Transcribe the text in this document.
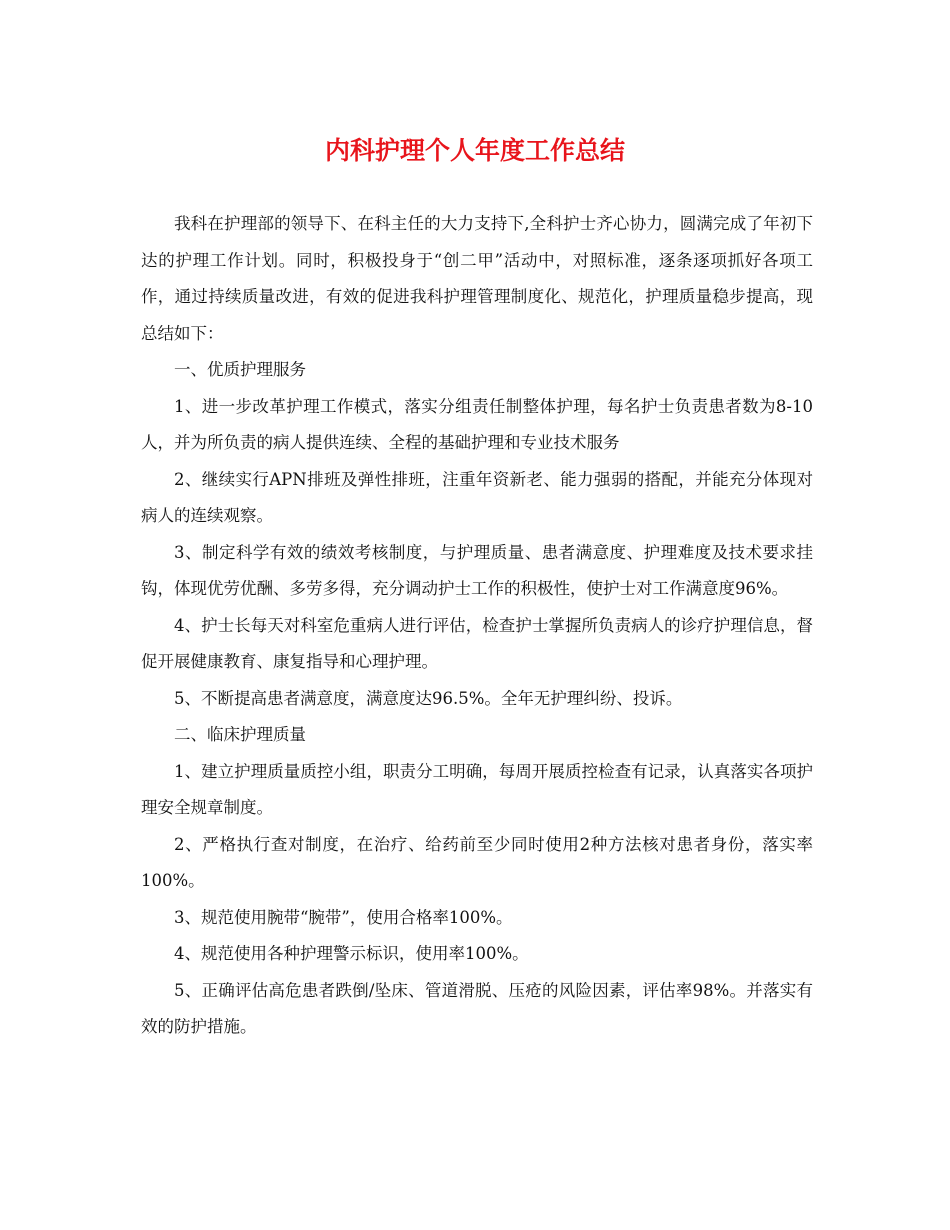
内科护理个人年度工作总结

我科在护理部的领导下、在科主任的大力支持下,全科护士齐心协力，圆满完成了年初下达的护理工作计划。同时，积极投身于“创二甲”活动中，对照标准，逐条逐项抓好各项工作，通过持续质量改进，有效的促进我科护理管理制度化、规范化，护理质量稳步提高，现总结如下：

一、优质护理服务

1、进一步改革护理工作模式，落实分组责任制整体护理，每名护士负责患者数为8-10人，并为所负责的病人提供连续、全程的基础护理和专业技术服务

2、继续实行APN排班及弹性排班，注重年资新老、能力强弱的搭配，并能充分体现对病人的连续观察。

3、制定科学有效的绩效考核制度，与护理质量、患者满意度、护理难度及技术要求挂钩，体现优劳优酬、多劳多得，充分调动护士工作的积极性，使护士对工作满意度96%。

4、护士长每天对科室危重病人进行评估，检查护士掌握所负责病人的诊疗护理信息，督促开展健康教育、康复指导和心理护理。

5、不断提高患者满意度，满意度达96.5%。全年无护理纠纷、投诉。

二、临床护理质量

1、建立护理质量质控小组，职责分工明确，每周开展质控检查有记录，认真落实各项护理安全规章制度。

2、严格执行查对制度，在治疗、给药前至少同时使用2种方法核对患者身份，落实率100%。

3、规范使用腕带“腕带”，使用合格率100%。

4、规范使用各种护理警示标识，使用率100%。

5、正确评估高危患者跌倒/坠床、管道滑脱、压疮的风险因素，评估率98%。并落实有效的防护措施。
